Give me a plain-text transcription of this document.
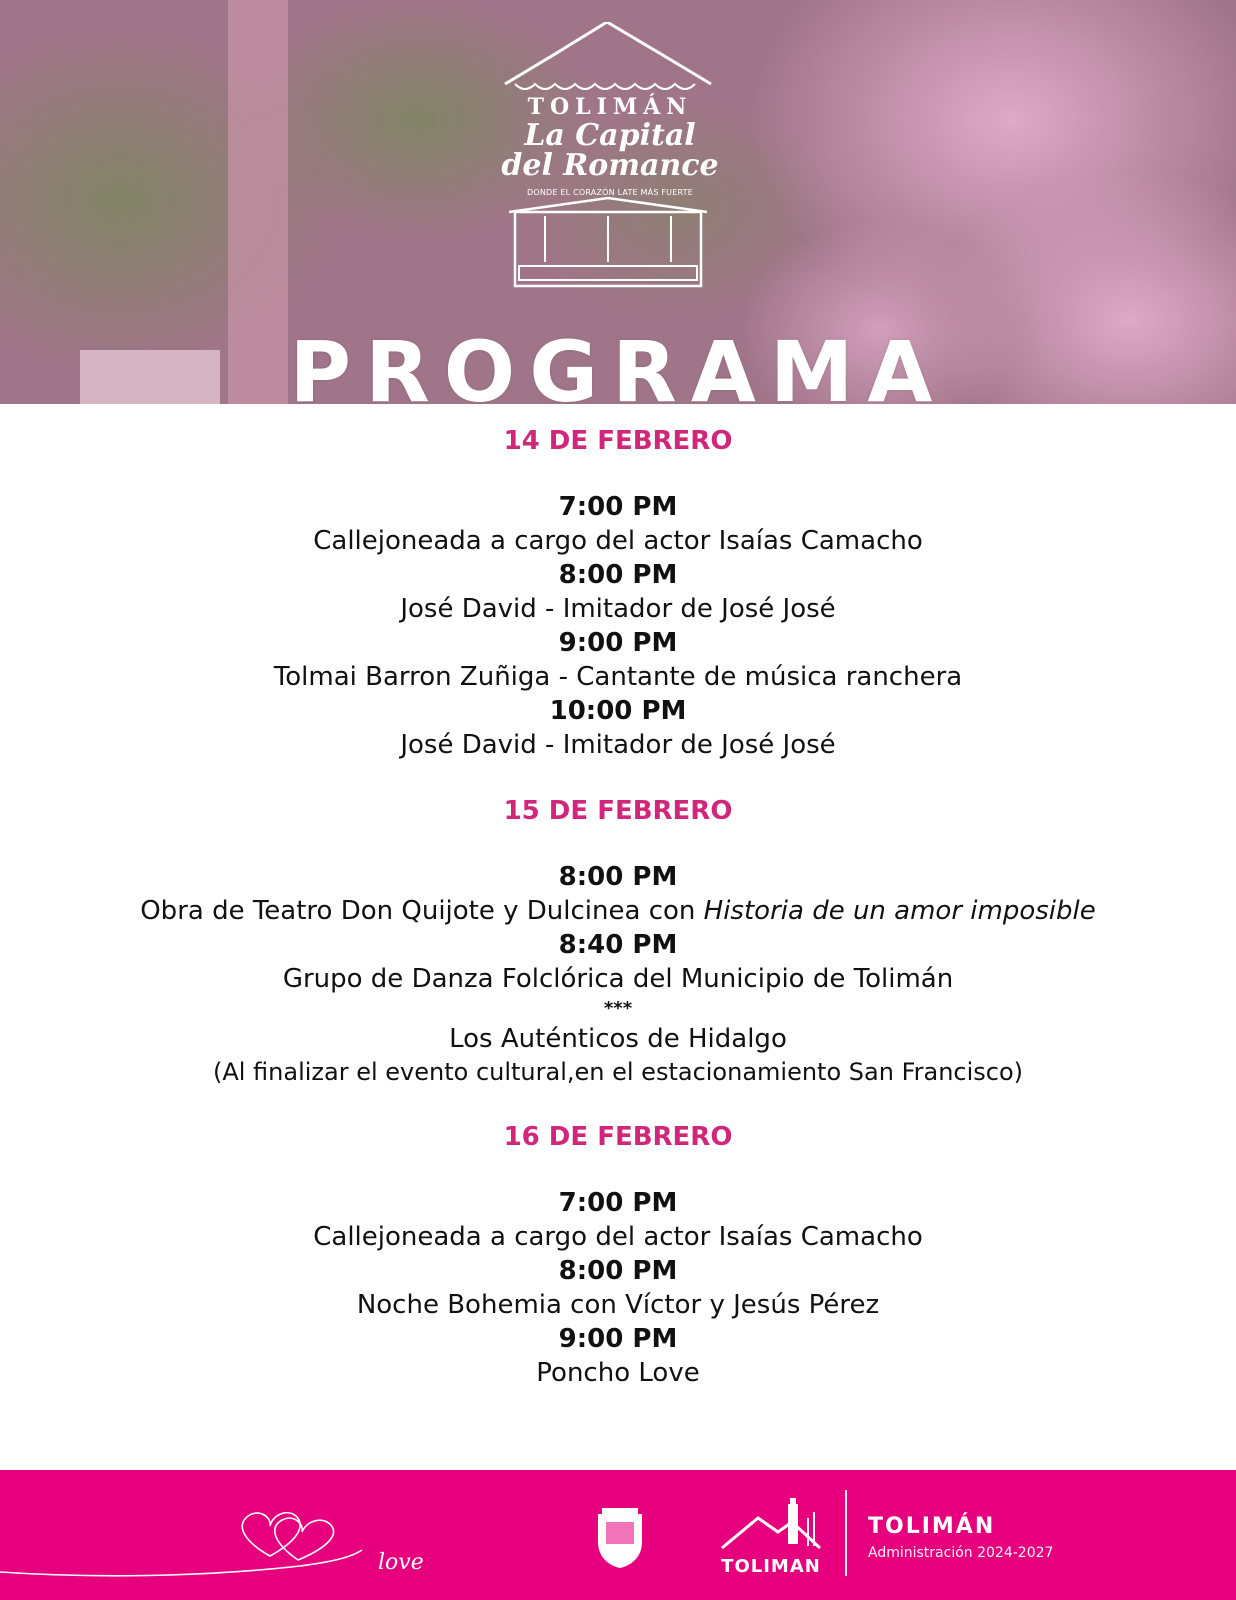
TOLIMÁN
La Capital
del Romance
DONDE EL CORAZÓN LATE MÁS FUERTE
PROGRAMA
14 DE FEBRERO
7:00 PM
Callejoneada a cargo del actor Isaías Camacho
8:00 PM
José David - Imitador de José José
9:00 PM
Tolmai Barron Zuñiga - Cantante de música ranchera
10:00 PM
José David - Imitador de José José
15 DE FEBRERO
8:00 PM
Obra de Teatro Don Quijote y Dulcinea con Historia de un amor imposible
8:40 PM
Grupo de Danza Folclórica del Municipio de Tolimán
***
Los Auténticos de Hidalgo
(Al finalizar el evento cultural,en el estacionamiento San Francisco)
16 DE FEBRERO
7:00 PM
Callejoneada a cargo del actor Isaías Camacho
8:00 PM
Noche Bohemia con Víctor y Jesús Pérez
9:00 PM
Poncho Love
love	TOLIMAN
TOLIMÁN
Administración 2024-2027
